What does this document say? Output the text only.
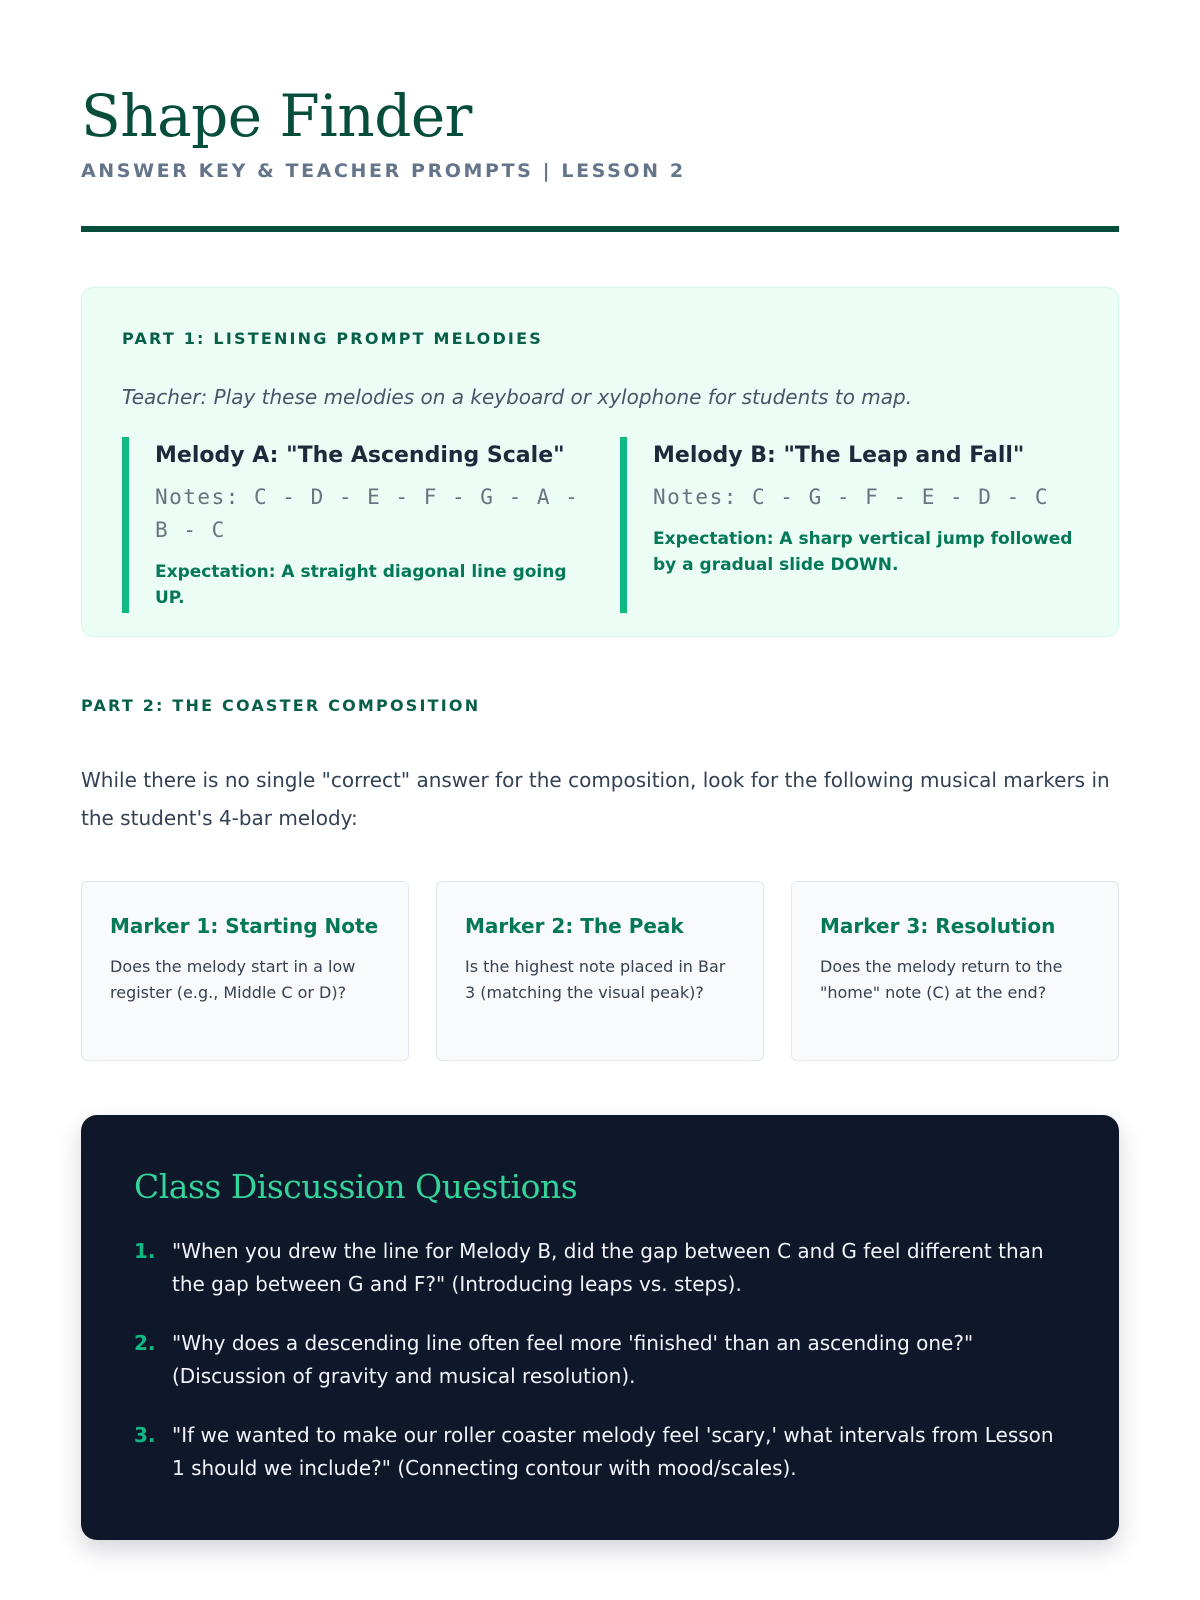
Shape Finder
ANSWER KEY & TEACHER PROMPTS | LESSON 2
PART 1: LISTENING PROMPT MELODIES

Teacher: Play these melodies on a keyboard or xylophone for students to map.

Melody A: "The Ascending Scale"

Notes: C - D - E - F - G - A - B - C

Expectation: A straight diagonal line going UP.

Melody B: "The Leap and Fall"

Notes: C - G - F - E - D - C

Expectation: A sharp vertical jump followed by a gradual slide DOWN.

PART 2: THE COASTER COMPOSITION

While there is no single "correct" answer for the composition, look for the following musical markers in the student's 4-bar melody:

Marker 1: Starting Note

Does the melody start in a low register (e.g., Middle C or D)?

Marker 2: The Peak

Is the highest note placed in Bar 3 (matching the visual peak)?

Marker 3: Resolution

Does the melody return to the "home" note (C) at the end?

Class Discussion Questions
1. "When you drew the line for Melody B, did the gap between C and G feel different than the gap between G and F?" (Introducing leaps vs. steps).
2. "Why does a descending line often feel more 'finished' than an ascending one?" (Discussion of gravity and musical resolution).
3. "If we wanted to make our roller coaster melody feel 'scary,' what intervals from Lesson 1 should we include?" (Connecting contour with mood/scales).
